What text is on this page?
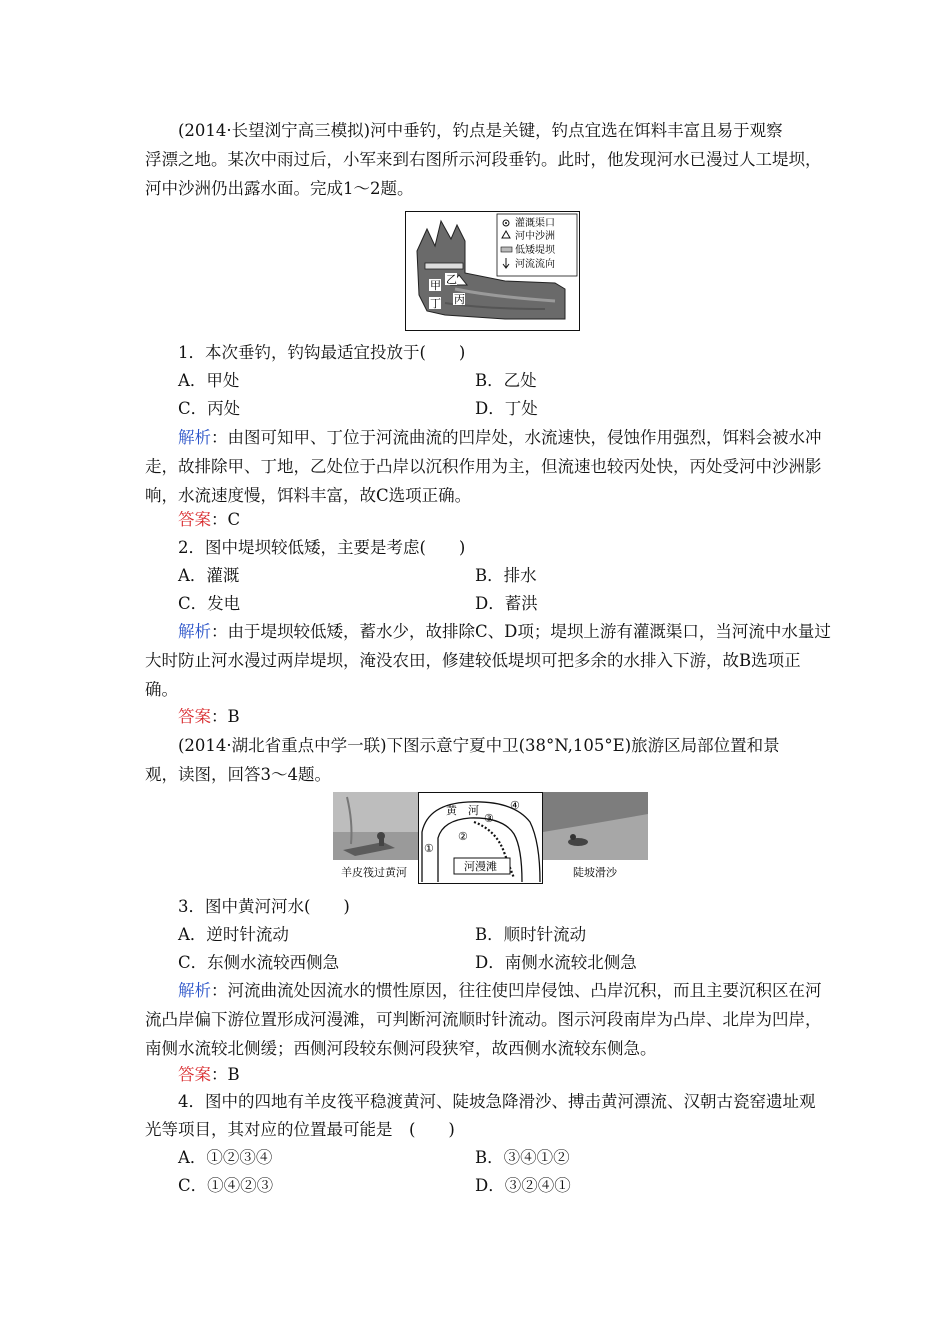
(2014·长望浏宁高三模拟)河中垂钓，钓点是关键，钓点宜选在饵料丰富且易于观察
浮漂之地。某次中雨过后，小军来到右图所示河段垂钓。此时，他发现河水已漫过人工堤坝，
河中沙洲仍出露水面。完成1～2题。
甲 乙
丁 丙
灌溉渠口
河中沙洲
低矮堤坝
河流流向
1．本次垂钓，钓钩最适宜投放于(　　)
A．甲处	B．乙处
C．丙处	D．丁处
解析：由图可知甲、丁位于河流曲流的凹岸处，水流速快，侵蚀作用强烈，饵料会被水冲
走，故排除甲、丁地，乙处位于凸岸以沉积作用为主，但流速也较丙处快，丙处受河中沙洲影
响，水流速度慢，饵料丰富，故C选项正确。
答案：C
2．图中堤坝较低矮，主要是考虑(　　)
A．灌溉	B．排水
C．发电	D．蓄洪
解析：由于堤坝较低矮，蓄水少，故排除C、D项；堤坝上游有灌溉渠口，当河流中水量过
大时防止河水漫过两岸堤坝，淹没农田，修建较低堤坝可把多余的水排入下游，故B选项正
确。
答案：B
(2014·湖北省重点中学一联)下图示意宁夏中卫(38°N,105°E)旅游区局部位置和景
观，读图，回答3～4题。
羊皮筏过黄河
黄　河
①
②
③
④
河漫滩	陡坡滑沙
3．图中黄河河水(　　)
A．逆时针流动	B．顺时针流动
C．东侧水流较西侧急	D．南侧水流较北侧急
解析：河流曲流处因流水的惯性原因，往往使凹岸侵蚀、凸岸沉积，而且主要沉积区在河
流凸岸偏下游位置形成河漫滩，可判断河流顺时针流动。图示河段南岸为凸岸、北岸为凹岸，
南侧水流较北侧缓；西侧河段较东侧河段狭窄，故西侧水流较东侧急。
答案：B
4．图中的四地有羊皮筏平稳渡黄河、陡坡急降滑沙、搏击黄河漂流、汉朝古瓷窑遗址观
光等项目，其对应的位置最可能是　(　　)
A．①②③④	B．③④①②
C．①④②③	D．③②④①
